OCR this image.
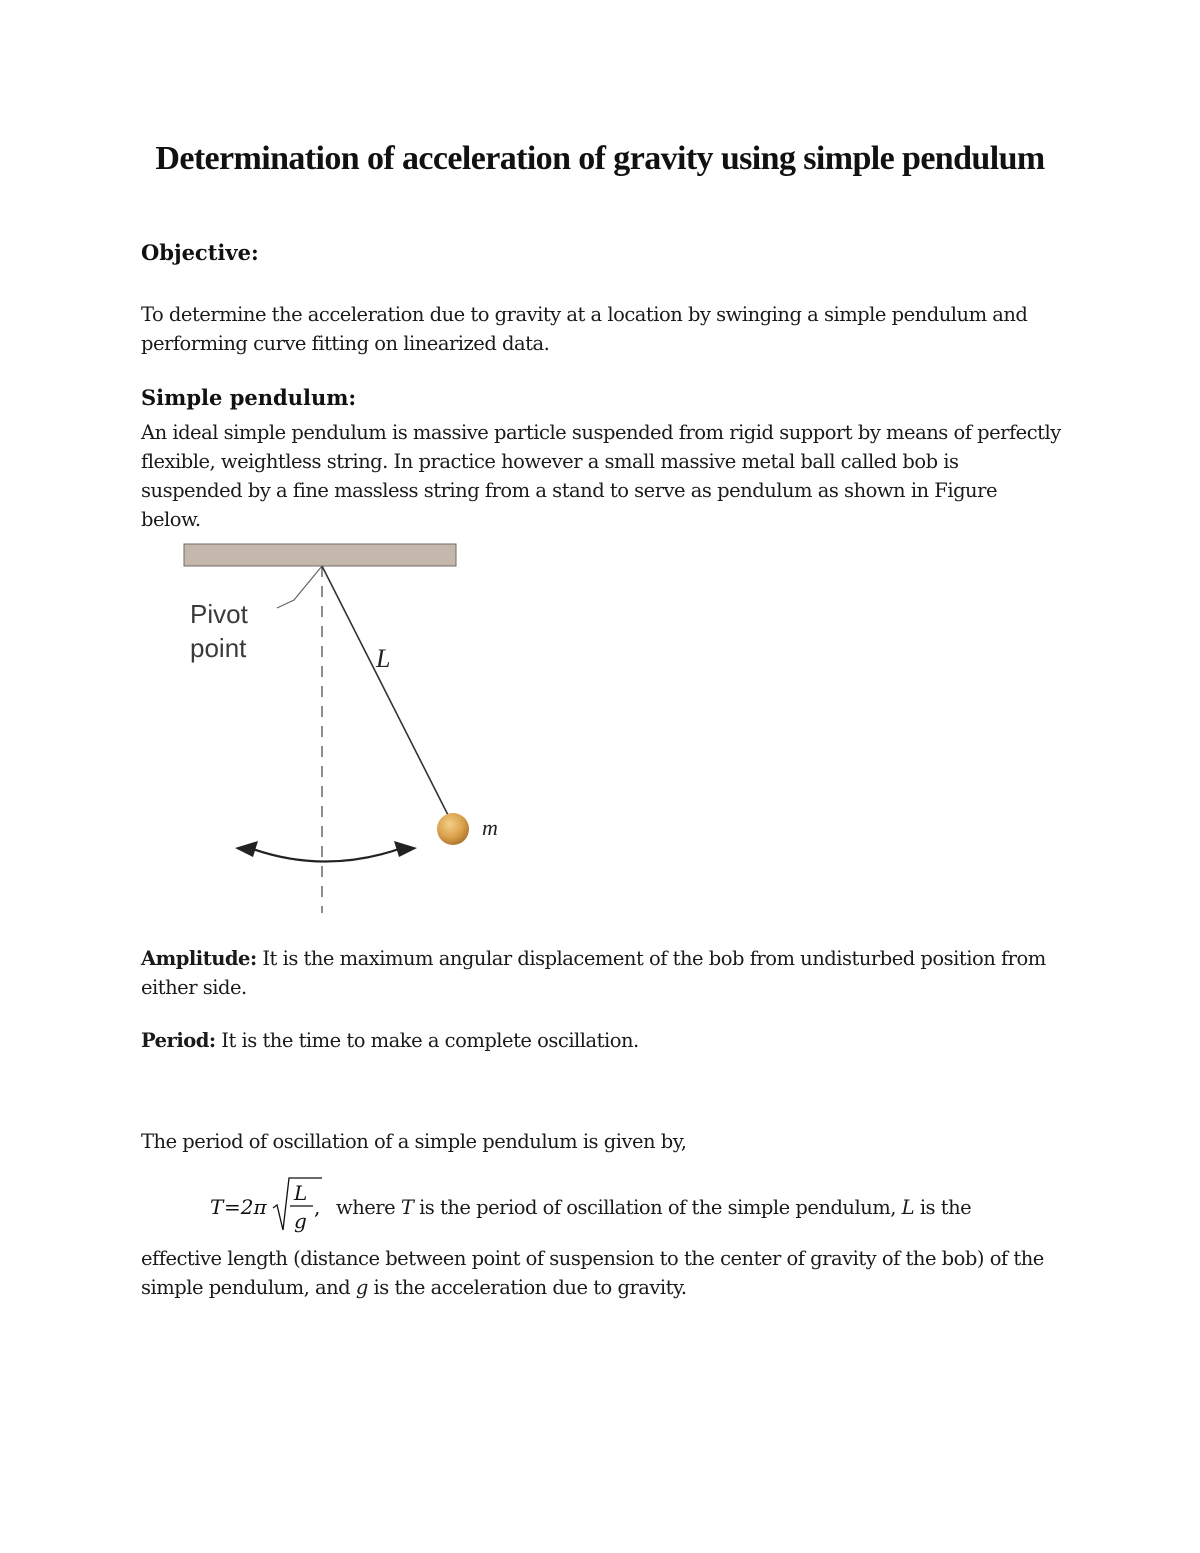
Determination of acceleration of gravity using simple pendulum
Objective:
To determine the acceleration due to gravity at a location by swinging a simple pendulum and performing curve fitting on linearized data.
Simple pendulum:
An ideal simple pendulum is massive particle suspended from rigid support by means of perfectly flexible, weightless string. In practice however a small massive metal ball called bob is suspended by a fine massless string from a stand to serve as pendulum as shown in Figure below.
Pivot
point	L
m
Amplitude: It is the maximum angular displacement of the bob from undisturbed position from either side.
Period: It is the time to make a complete oscillation.
The period of oscillation of a simple pendulum is given by,
T =2π
L
g
, where T is the period of oscillation of the simple pendulum, L is the
effective length (distance between point of suspension to the center of gravity of the bob) of the simple pendulum, and g is the acceleration due to gravity.
